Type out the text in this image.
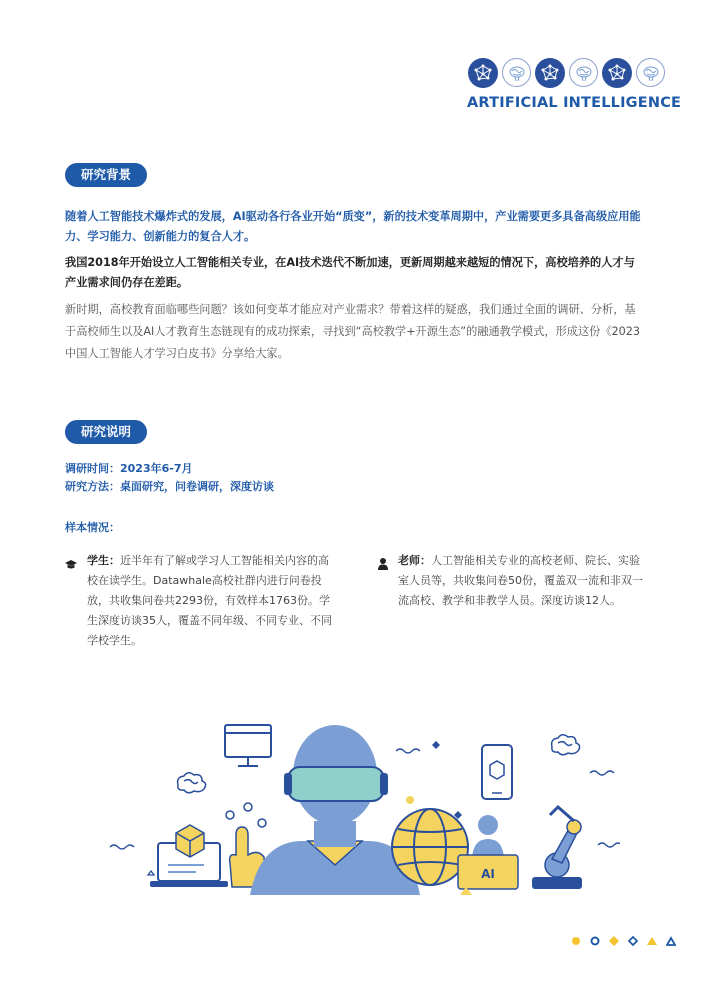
ARTIFICIAL INTELLIGENCE
研究背景
随着人工智能技术爆炸式的发展，AI驱动各行各业开始“质变”，新的技术变革周期中，产业需要更多具备高级应用能力、学习能力、创新能力的复合人才。
我国2018年开始设立人工智能相关专业，在AI技术迭代不断加速，更新周期越来越短的情况下，高校培养的人才与产业需求间仍存在差距。
新时期，高校教育面临哪些问题？该如何变革才能应对产业需求？带着这样的疑惑，我们通过全面的调研、分析，基于高校师生以及AI人才教育生态链现有的成功探索，寻找到“高校教学+开源生态”的融通教学模式，形成这份《2023中国人工智能人才学习白皮书》分享给大家。
研究说明
调研时间：2023年6-7月
研究方法：桌面研究，问卷调研，深度访谈
样本情况：
学生：近半年有了解或学习人工智能相关内容的高校在读学生。Datawhale高校社群内进行问卷投放，共收集问卷共2293份，有效样本1763份。学生深度访谈35人，覆盖不同年级、不同专业、不同学校学生。
老师：人工智能相关专业的高校老师、院长、实验室人员等，共收集问卷50份，覆盖双一流和非双一流高校、教学和非教学人员。深度访谈12人。
AI
